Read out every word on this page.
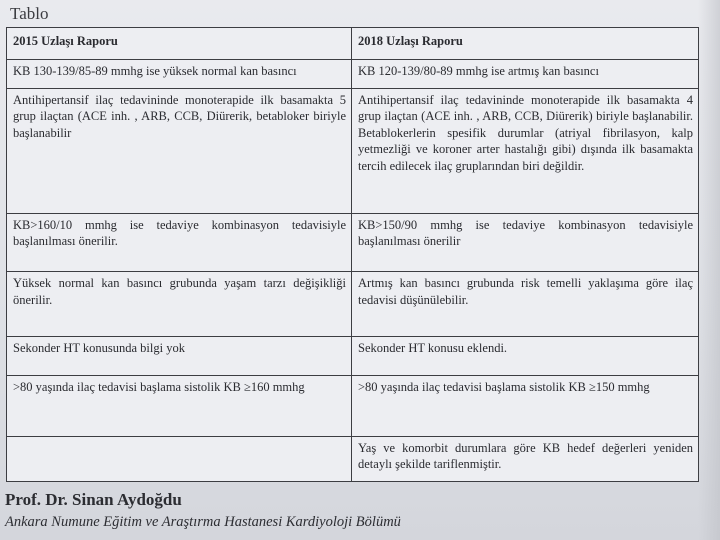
Tablo
2015 Uzlaşı Raporu	2018 Uzlaşı Raporu
KB 130-139/85-89 mmhg ise yüksek normal kan basıncı	KB 120-139/80-89 mmhg ise artmış kan basıncı
Antihipertansif ilaç tedavininde monoterapide ilk basamakta 5 grup ilaçtan (ACE inh. , ARB, CCB, Diürerik, betabloker biriyle başlanabilir	Antihipertansif ilaç tedavininde monoterapide ilk basamakta 4 grup ilaçtan (ACE inh. , ARB, CCB, Diürerik) biriyle başlanabilir. Betablokerlerin spesifik durumlar (atriyal fibrilasyon, kalp yetmezliği ve koroner arter hastalığı gibi) dışında ilk basamakta tercih edilecek ilaç gruplarından biri değildir.
KB>160/10 mmhg ise tedaviye kombinasyon tedavisiyle başlanılması önerilir.	KB>150/90 mmhg ise tedaviye kombinasyon tedavisiyle başlanılması önerilir
Yüksek normal kan basıncı grubunda yaşam tarzı değişikliği önerilir.	Artmış kan basıncı grubunda risk temelli yaklaşıma göre ilaç tedavisi düşünülebilir.
Sekonder HT konusunda bilgi yok	Sekonder HT konusu eklendi.
>80 yaşında ilaç tedavisi başlama sistolik KB ≥160 mmhg	>80 yaşında ilaç tedavisi başlama sistolik KB ≥150 mmhg
	Yaş ve komorbit durumlara göre KB hedef değerleri yeniden detaylı şekilde tariflenmiştir.
Prof. Dr. Sinan Aydoğdu
Ankara Numune Eğitim ve Araştırma Hastanesi Kardiyoloji Bölümü
